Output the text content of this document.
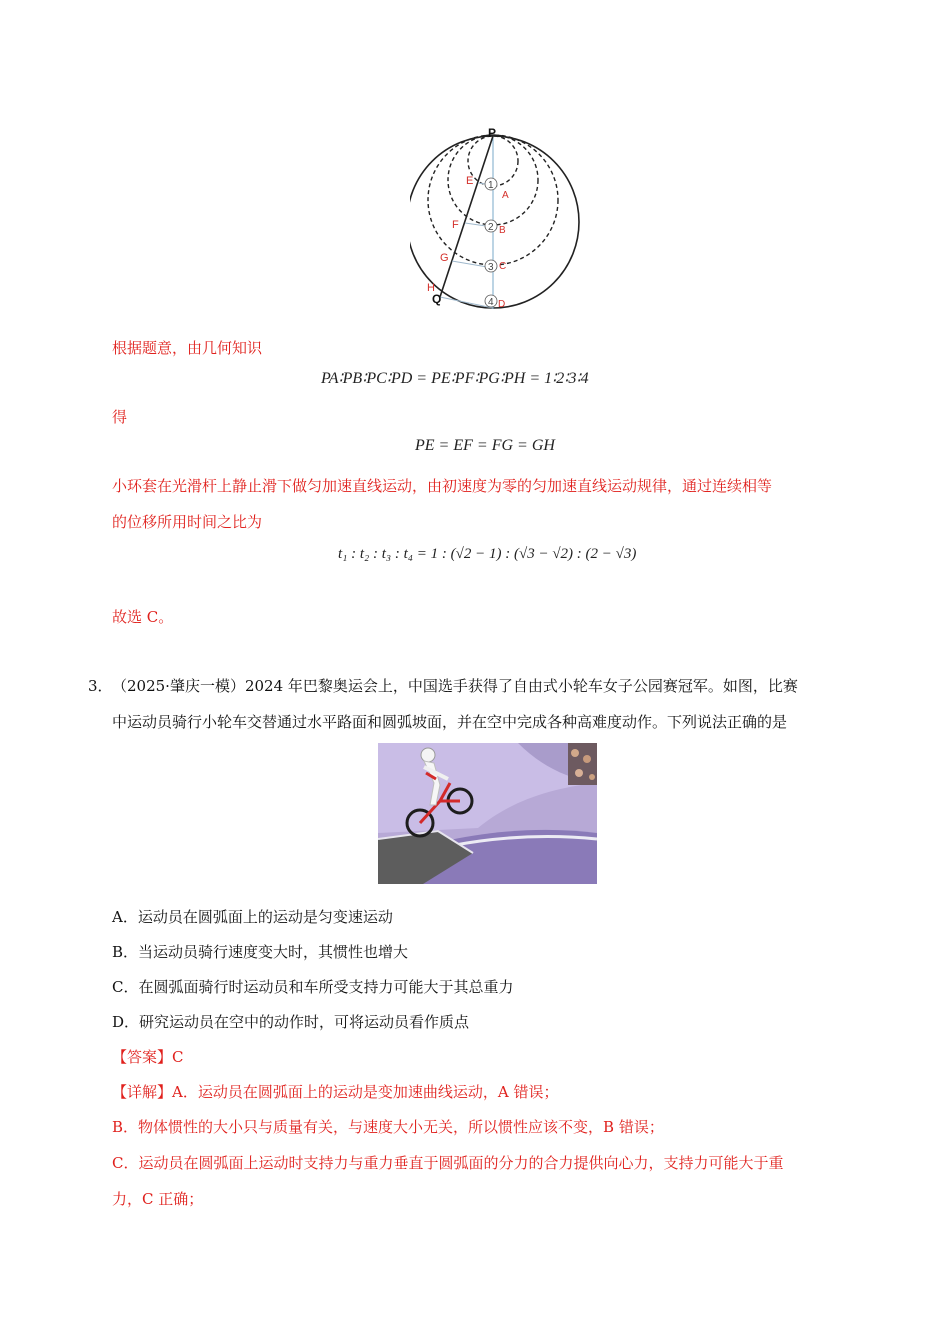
1
2
3
4
P
Q
E
F
G
H
A
B
C
D
根据题意，由几何知识
PA∶PB∶PC∶PD = PE∶PF∶PG∶PH = 1∶2∶3∶4
得
PE = EF = FG = GH
小环套在光滑杆上静止滑下做匀加速直线运动，由初速度为零的匀加速直线运动规律，通过连续相等
的位移所用时间之比为
t₁ : t₂ : t₃ : t₄ = 1 : (√2 − 1) : (√3 − √2) : (2 − √3)
故选 C。
3． （2025·肇庆一模）2024 年巴黎奥运会上，中国选手获得了自由式小轮车女子公园赛冠军。如图，比赛
中运动员骑行小轮车交替通过水平路面和圆弧坡面，并在空中完成各种高难度动作。下列说法正确的是
A．运动员在圆弧面上的运动是匀变速运动
B．当运动员骑行速度变大时，其惯性也增大
C．在圆弧面骑行时运动员和车所受支持力可能大于其总重力
D．研究运动员在空中的动作时，可将运动员看作质点
【答案】C
【详解】A．运动员在圆弧面上的运动是变加速曲线运动，A 错误；
B．物体惯性的大小只与质量有关，与速度大小无关，所以惯性应该不变，B 错误；
C．运动员在圆弧面上运动时支持力与重力垂直于圆弧面的分力的合力提供向心力，支持力可能大于重
力，C 正确；
